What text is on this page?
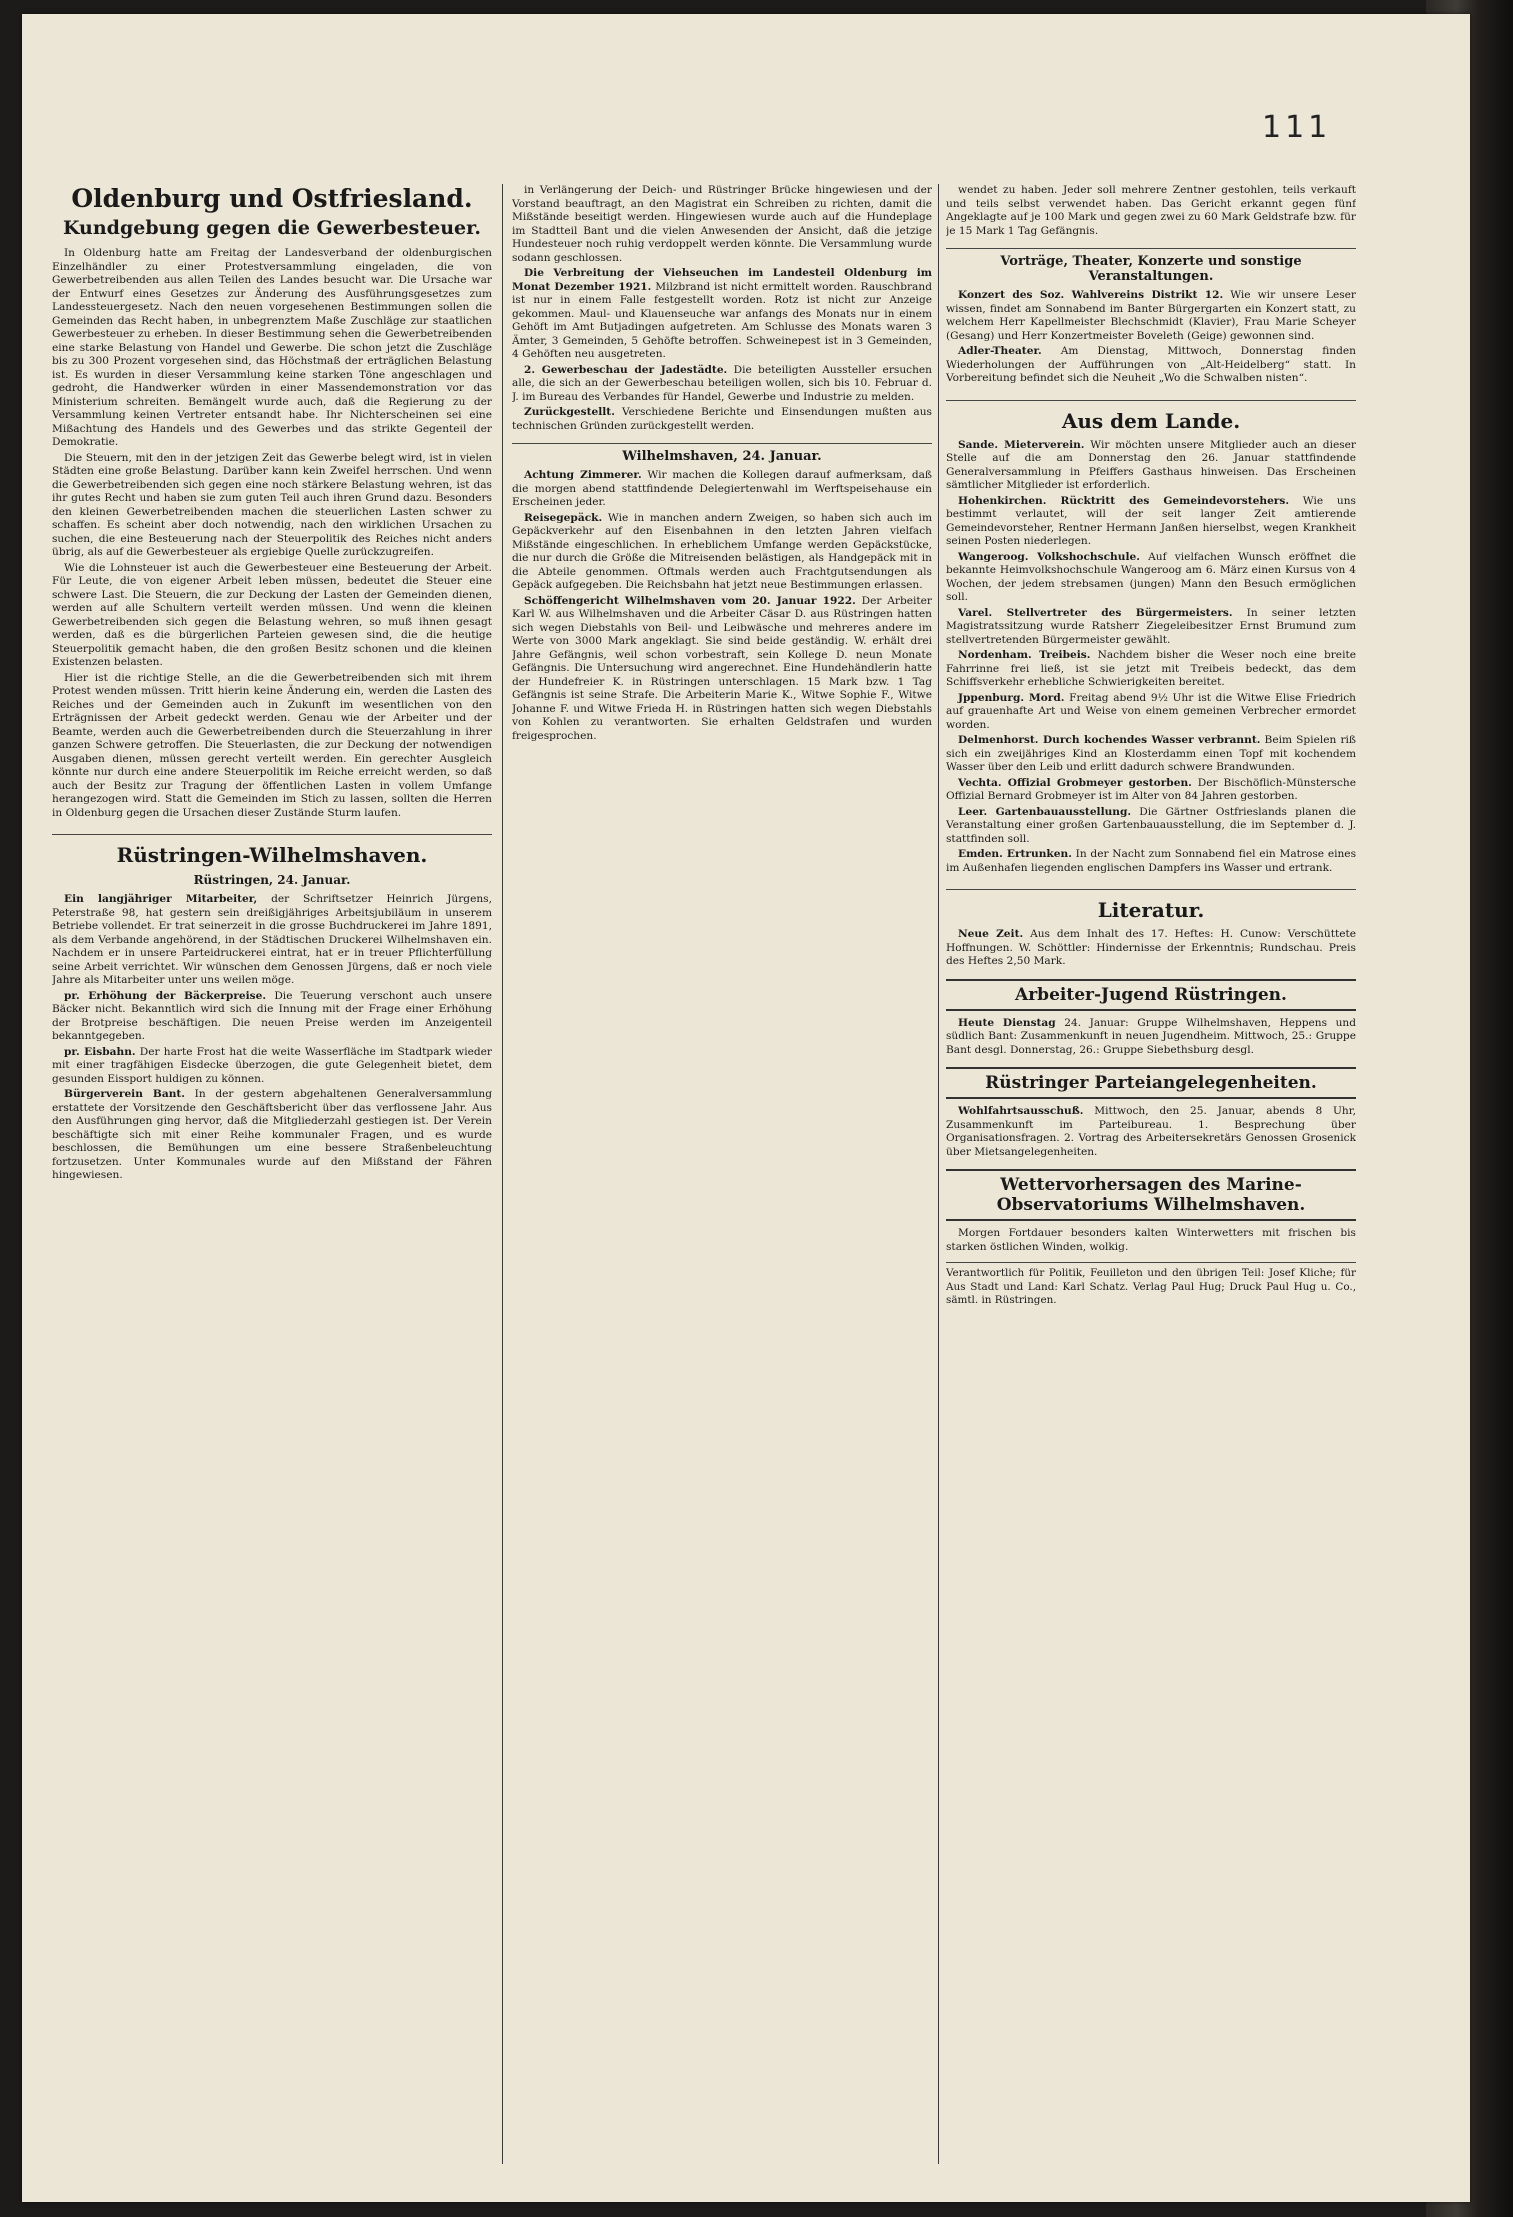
111
Oldenburg und Ostfriesland.
Kundgebung gegen die Gewerbesteuer.

In Oldenburg hatte am Freitag der Landesverband der oldenburgischen Einzelhändler zu einer Protestversammlung eingeladen, die von Gewerbetreibenden aus allen Teilen des Landes besucht war. Die Ursache war der Entwurf eines Gesetzes zur Änderung des Ausführungsgesetzes zum Landessteuergesetz. Nach den neuen vorgesehenen Bestimmungen sollen die Gemeinden das Recht haben, in unbegrenztem Maße Zuschläge zur staatlichen Gewerbesteuer zu erheben. In dieser Bestimmung sehen die Gewerbetreibenden eine starke Belastung von Handel und Gewerbe. Die schon jetzt die Zuschläge bis zu 300 Prozent vorgesehen sind, das Höchstmaß der erträglichen Belastung ist. Es wurden in dieser Versammlung keine starken Töne angeschlagen und gedroht, die Handwerker würden in einer Massendemonstration vor das Ministerium schreiten. Bemängelt wurde auch, daß die Regierung zu der Versammlung keinen Vertreter entsandt habe. Ihr Nichterscheinen sei eine Mißachtung des Handels und des Gewerbes und das strikte Gegenteil der Demokratie.

Die Steuern, mit den in der jetzigen Zeit das Gewerbe belegt wird, ist in vielen Städten eine große Belastung. Darüber kann kein Zweifel herrschen. Und wenn die Gewerbetreibenden sich gegen eine noch stärkere Belastung wehren, ist das ihr gutes Recht und haben sie zum guten Teil auch ihren Grund dazu. Besonders den kleinen Gewerbetreibenden machen die steuerlichen Lasten schwer zu schaffen. Es scheint aber doch notwendig, nach den wirklichen Ursachen zu suchen, die eine Besteuerung nach der Steuerpolitik des Reiches nicht anders übrig, als auf die Gewerbesteuer als ergiebige Quelle zurückzugreifen.

Wie die Lohnsteuer ist auch die Gewerbesteuer eine Besteuerung der Arbeit. Für Leute, die von eigener Arbeit leben müssen, bedeutet die Steuer eine schwere Last. Die Steuern, die zur Deckung der Lasten der Gemeinden dienen, werden auf alle Schultern verteilt werden müssen. Und wenn die kleinen Gewerbetreibenden sich gegen die Belastung wehren, so muß ihnen gesagt werden, daß es die bürgerlichen Parteien gewesen sind, die die heutige Steuerpolitik gemacht haben, die den großen Besitz schonen und die kleinen Existenzen belasten.

Hier ist die richtige Stelle, an die die Gewerbetreibenden sich mit ihrem Protest wenden müssen. Tritt hierin keine Änderung ein, werden die Lasten des Reiches und der Gemeinden auch in Zukunft im wesentlichen von den Erträgnissen der Arbeit gedeckt werden. Genau wie der Arbeiter und der Beamte, werden auch die Gewerbetreibenden durch die Steuerzahlung in ihrer ganzen Schwere getroffen. Die Steuerlasten, die zur Deckung der notwendigen Ausgaben dienen, müssen gerecht verteilt werden. Ein gerechter Ausgleich könnte nur durch eine andere Steuerpolitik im Reiche erreicht werden, so daß auch der Besitz zur Tragung der öffentlichen Lasten in vollem Umfange herangezogen wird. Statt die Gemeinden im Stich zu lassen, sollten die Herren in Oldenburg gegen die Ursachen dieser Zustände Sturm laufen.

Rüstringen-Wilhelmshaven.
Rüstringen, 24. Januar.

Ein langjähriger Mitarbeiter, der Schriftsetzer Heinrich Jürgens, Peterstraße 98, hat gestern sein dreißigjähriges Arbeitsjubiläum in unserem Betriebe vollendet. Er trat seinerzeit in die grosse Buchdruckerei im Jahre 1891, als dem Verbande angehörend, in der Städtischen Druckerei Wilhelmshaven ein. Nachdem er in unsere Parteidruckerei eintrat, hat er in treuer Pflichterfüllung seine Arbeit verrichtet. Wir wünschen dem Genossen Jürgens, daß er noch viele Jahre als Mitarbeiter unter uns weilen möge.

pr. Erhöhung der Bäckerpreise. Die Teuerung verschont auch unsere Bäcker nicht. Bekanntlich wird sich die Innung mit der Frage einer Erhöhung der Brotpreise beschäftigen. Die neuen Preise werden im Anzeigenteil bekanntgegeben.

pr. Eisbahn. Der harte Frost hat die weite Wasserfläche im Stadtpark wieder mit einer tragfähigen Eisdecke überzogen, die gute Gelegenheit bietet, dem gesunden Eissport huldigen zu können.

Bürgerverein Bant. In der gestern abgehaltenen Generalversammlung erstattete der Vorsitzende den Geschäftsbericht über das verflossene Jahr. Aus den Ausführungen ging hervor, daß die Mitgliederzahl gestiegen ist. Der Verein beschäftigte sich mit einer Reihe kommunaler Fragen, und es wurde beschlossen, die Bemühungen um eine bessere Straßenbeleuchtung fortzusetzen. Unter Kommunales wurde auf den Mißstand der Fähren hingewiesen.

in Verlängerung der Deich- und Rüstringer Brücke hingewiesen und der Vorstand beauftragt, an den Magistrat ein Schreiben zu richten, damit die Mißstände beseitigt werden. Hingewiesen wurde auch auf die Hundeplage im Stadtteil Bant und die vielen Anwesenden der Ansicht, daß die jetzige Hundesteuer noch ruhig verdoppelt werden könnte. Die Versammlung wurde sodann geschlossen.

Die Verbreitung der Viehseuchen im Landesteil Oldenburg im Monat Dezember 1921. Milzbrand ist nicht ermittelt worden. Rauschbrand ist nur in einem Falle festgestellt worden. Rotz ist nicht zur Anzeige gekommen. Maul- und Klauenseuche war anfangs des Monats nur in einem Gehöft im Amt Butjadingen aufgetreten. Am Schlusse des Monats waren 3 Ämter, 3 Gemeinden, 5 Gehöfte betroffen. Schweinepest ist in 3 Gemeinden, 4 Gehöften neu ausgetreten.

2. Gewerbeschau der Jadestädte. Die beteiligten Aussteller ersuchen alle, die sich an der Gewerbeschau beteiligen wollen, sich bis 10. Februar d. J. im Bureau des Verbandes für Handel, Gewerbe und Industrie zu melden.

Zurückgestellt. Verschiedene Berichte und Einsendungen mußten aus technischen Gründen zurückgestellt werden.

Wilhelmshaven, 24. Januar.

Achtung Zimmerer. Wir machen die Kollegen darauf aufmerksam, daß die morgen abend stattfindende Delegiertenwahl im Werftspeisehause ein Erscheinen jeder.

Reisegepäck. Wie in manchen andern Zweigen, so haben sich auch im Gepäckverkehr auf den Eisenbahnen in den letzten Jahren vielfach Mißstände eingeschlichen. In erheblichem Umfange werden Gepäckstücke, die nur durch die Größe die Mitreisenden belästigen, als Handgepäck mit in die Abteile genommen. Oftmals werden auch Frachtgutsendungen als Gepäck aufgegeben. Die Reichsbahn hat jetzt neue Bestimmungen erlassen.

Schöffengericht Wilhelmshaven vom 20. Januar 1922. Der Arbeiter Karl W. aus Wilhelmshaven und die Arbeiter Cäsar D. aus Rüstringen hatten sich wegen Diebstahls von Beil- und Leibwäsche und mehreres andere im Werte von 3000 Mark angeklagt. Sie sind beide geständig. W. erhält drei Jahre Gefängnis, weil schon vorbestraft, sein Kollege D. neun Monate Gefängnis. Die Untersuchung wird angerechnet. Eine Hundehändlerin hatte der Hundefreier K. in Rüstringen unterschlagen. 15 Mark bzw. 1 Tag Gefängnis ist seine Strafe. Die Arbeiterin Marie K., Witwe Sophie F., Witwe Johanne F. und Witwe Frieda H. in Rüstringen hatten sich wegen Diebstahls von Kohlen zu verantworten. Sie erhalten Geldstrafen und wurden freigesprochen.

wendet zu haben. Jeder soll mehrere Zentner gestohlen, teils verkauft und teils selbst verwendet haben. Das Gericht erkannt gegen fünf Angeklagte auf je 100 Mark und gegen zwei zu 60 Mark Geldstrafe bzw. für je 15 Mark 1 Tag Gefängnis.

Vorträge, Theater, Konzerte und sonstige Veranstaltungen.

Konzert des Soz. Wahlvereins Distrikt 12. Wie wir unsere Leser wissen, findet am Sonnabend im Banter Bürgergarten ein Konzert statt, zu welchem Herr Kapellmeister Blechschmidt (Klavier), Frau Marie Scheyer (Gesang) und Herr Konzertmeister Boveleth (Geige) gewonnen sind.

Adler-Theater. Am Dienstag, Mittwoch, Donnerstag finden Wiederholungen der Aufführungen von „Alt-Heidelberg“ statt. In Vorbereitung befindet sich die Neuheit „Wo die Schwalben nisten“.

Aus dem Lande.

Sande. Mieterverein. Wir möchten unsere Mitglieder auch an dieser Stelle auf die am Donnerstag den 26. Januar stattfindende Generalversammlung in Pfeiffers Gasthaus hinweisen. Das Erscheinen sämtlicher Mitglieder ist erforderlich.

Hohenkirchen. Rücktritt des Gemeindevorstehers. Wie uns bestimmt verlautet, will der seit langer Zeit amtierende Gemeindevorsteher, Rentner Hermann Janßen hierselbst, wegen Krankheit seinen Posten niederlegen.

Wangeroog. Volkshochschule. Auf vielfachen Wunsch eröffnet die bekannte Heimvolkshochschule Wangeroog am 6. März einen Kursus von 4 Wochen, der jedem strebsamen (jungen) Mann den Besuch ermöglichen soll.

Varel. Stellvertreter des Bürgermeisters. In seiner letzten Magistratssitzung wurde Ratsherr Ziegeleibesitzer Ernst Brumund zum stellvertretenden Bürgermeister gewählt.

Nordenham. Treibeis. Nachdem bisher die Weser noch eine breite Fahrrinne frei ließ, ist sie jetzt mit Treibeis bedeckt, das dem Schiffsverkehr erhebliche Schwierigkeiten bereitet.

Jppenburg. Mord. Freitag abend 9½ Uhr ist die Witwe Elise Friedrich auf grauenhafte Art und Weise von einem gemeinen Verbrecher ermordet worden.

Delmenhorst. Durch kochendes Wasser verbrannt. Beim Spielen riß sich ein zweijähriges Kind an Klosterdamm einen Topf mit kochendem Wasser über den Leib und erlitt dadurch schwere Brandwunden.

Vechta. Offizial Grobmeyer gestorben. Der Bischöflich-Münstersche Offizial Bernard Grobmeyer ist im Alter von 84 Jahren gestorben.

Leer. Gartenbauausstellung. Die Gärtner Ostfrieslands planen die Veranstaltung einer großen Gartenbauausstellung, die im September d. J. stattfinden soll.

Emden. Ertrunken. In der Nacht zum Sonnabend fiel ein Matrose eines im Außenhafen liegenden englischen Dampfers ins Wasser und ertrank.

Literatur.

Neue Zeit. Aus dem Inhalt des 17. Heftes: H. Cunow: Verschüttete Hoffnungen. W. Schöttler: Hindernisse der Erkenntnis; Rundschau. Preis des Heftes 2,50 Mark.

Arbeiter-Jugend Rüstringen.

Heute Dienstag 24. Januar: Gruppe Wilhelmshaven, Heppens und südlich Bant: Zusammenkunft in neuen Jugendheim. Mittwoch, 25.: Gruppe Bant desgl. Donnerstag, 26.: Gruppe Siebethsburg desgl.

Rüstringer Parteiangelegenheiten.

Wohlfahrtsausschuß. Mittwoch, den 25. Januar, abends 8 Uhr, Zusammenkunft im Parteibureau. 1. Besprechung über Organisationsfragen. 2. Vortrag des Arbeitersekretärs Genossen Grosenick über Mietsangelegenheiten.

Wettervorhersagen des Marine-Observatoriums Wilhelmshaven.

Morgen Fortdauer besonders kalten Winterwetters mit frischen bis starken östlichen Winden, wolkig.

Verantwortlich für Politik, Feuilleton und den übrigen Teil: Josef Kliche; für Aus Stadt und Land: Karl Schatz. Verlag Paul Hug; Druck Paul Hug u. Co., sämtl. in Rüstringen.
